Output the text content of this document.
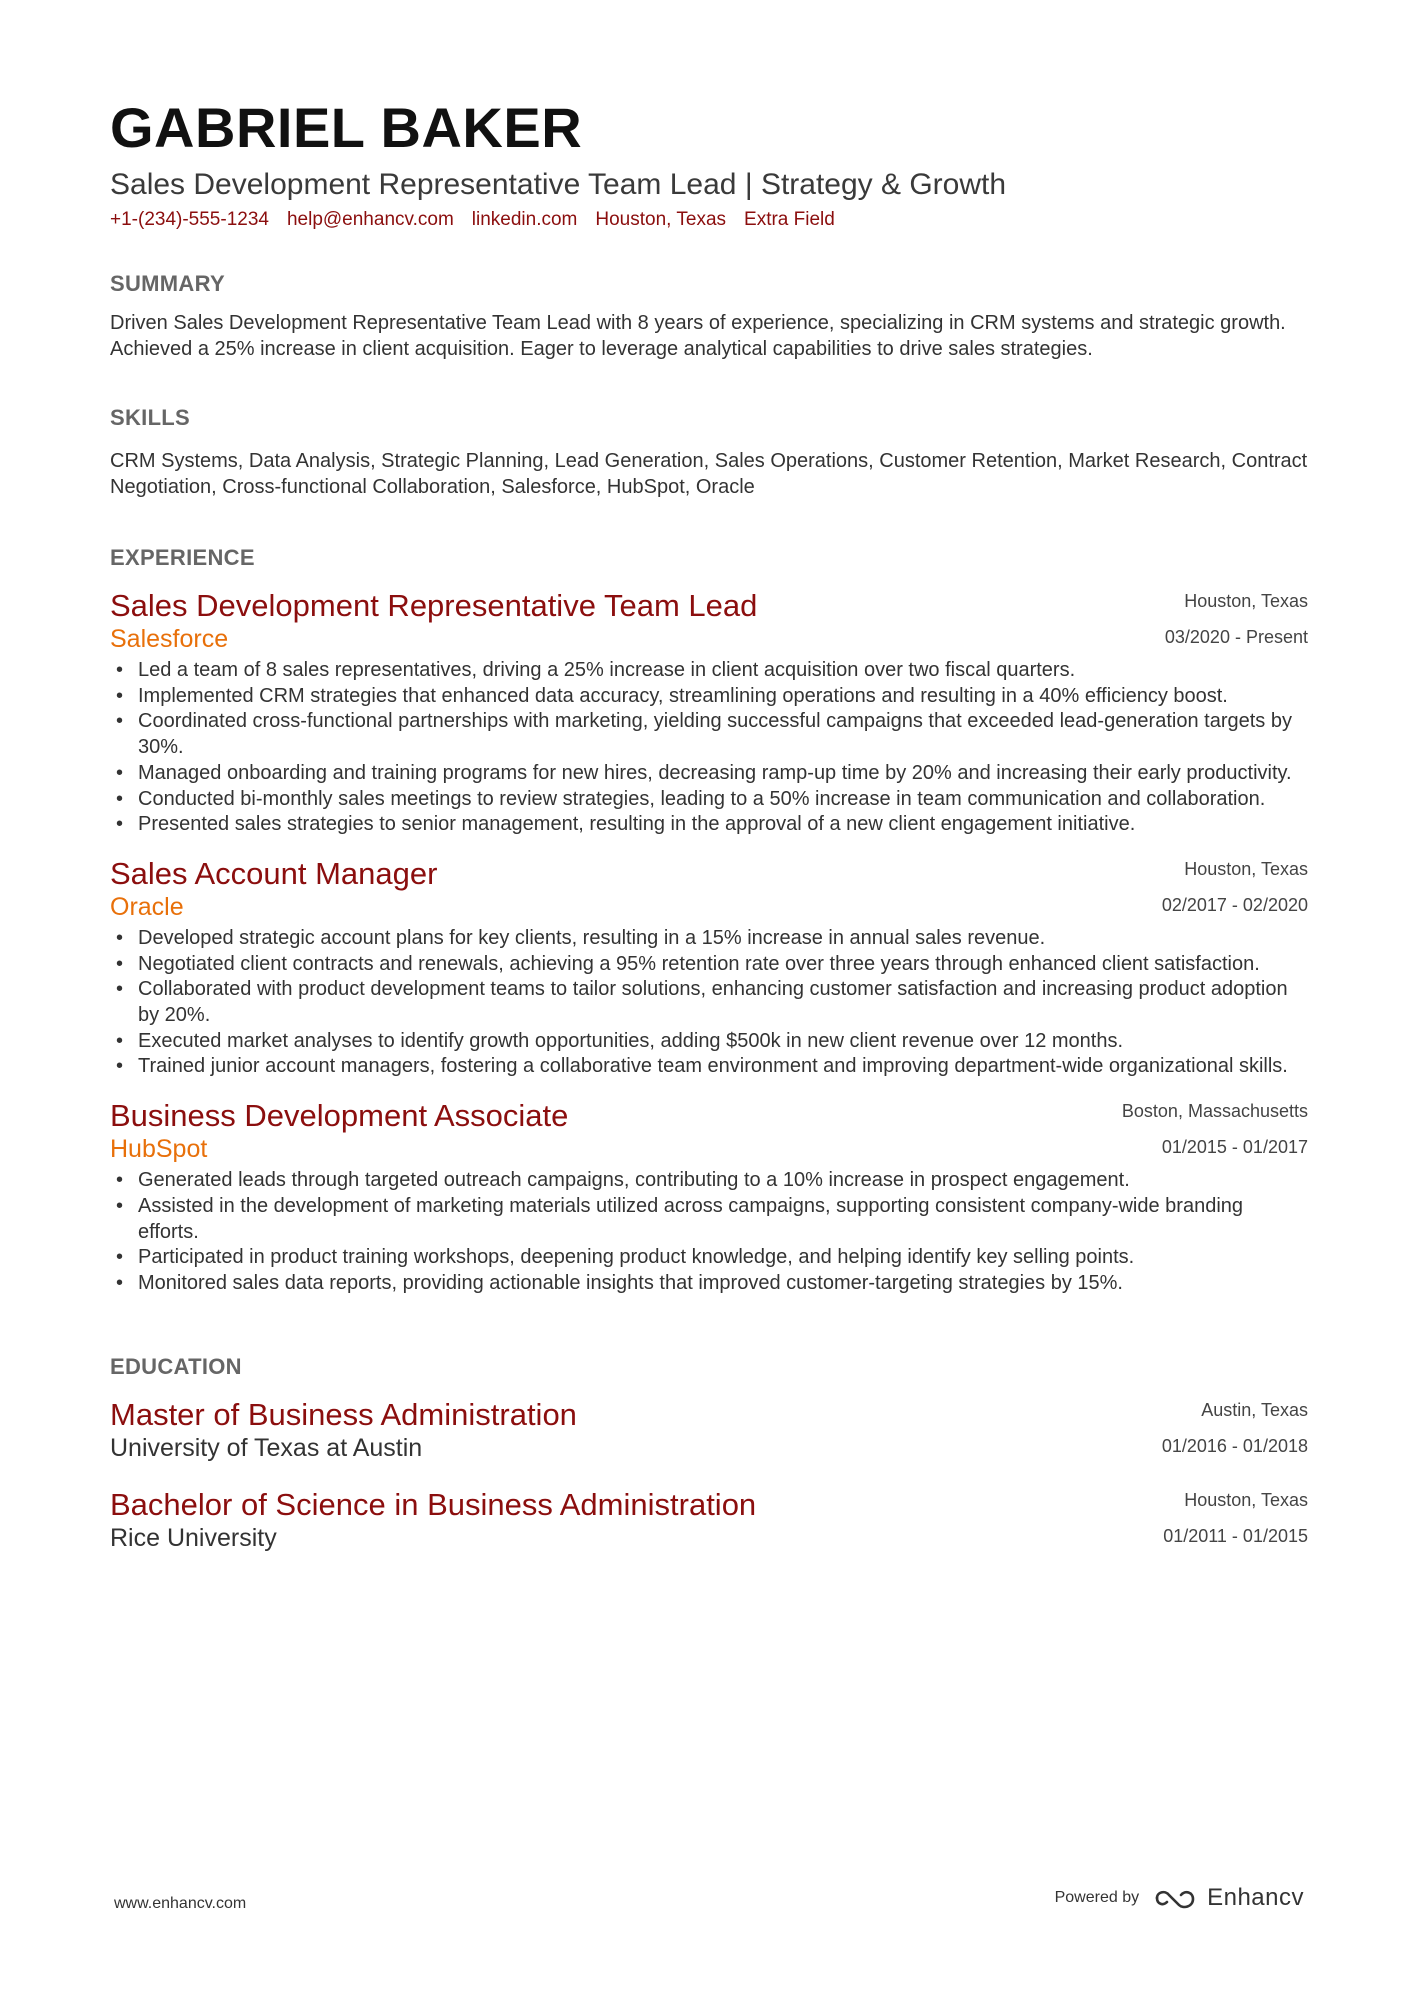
GABRIEL BAKER
Sales Development Representative Team Lead | Strategy & Growth
+1-(234)-555-1234 help@enhancv.com linkedin.com Houston, Texas Extra Field
SUMMARY
Driven Sales Development Representative Team Lead with 8 years of experience, specializing in CRM systems and strategic growth. Achieved a 25% increase in client acquisition. Eager to leverage analytical capabilities to drive sales strategies.
SKILLS
CRM Systems, Data Analysis, Strategic Planning, Lead Generation, Sales Operations, Customer Retention, Market Research, Contract Negotiation, Cross-functional Collaboration, Salesforce, HubSpot, Oracle
EXPERIENCE
Sales Development Representative Team Lead
Salesforce
Houston, Texas
03/2020 - Present
• Led a team of 8 sales representatives, driving a 25% increase in client acquisition over two fiscal quarters.
• Implemented CRM strategies that enhanced data accuracy, streamlining operations and resulting in a 40% efficiency boost.
• Coordinated cross-functional partnerships with marketing, yielding successful campaigns that exceeded lead-generation targets by 30%.
• Managed onboarding and training programs for new hires, decreasing ramp-up time by 20% and increasing their early productivity.
• Conducted bi-monthly sales meetings to review strategies, leading to a 50% increase in team communication and collaboration.
• Presented sales strategies to senior management, resulting in the approval of a new client engagement initiative.
Sales Account Manager
Oracle
Houston, Texas
02/2017 - 02/2020
• Developed strategic account plans for key clients, resulting in a 15% increase in annual sales revenue.
• Negotiated client contracts and renewals, achieving a 95% retention rate over three years through enhanced client satisfaction.
• Collaborated with product development teams to tailor solutions, enhancing customer satisfaction and increasing product adoption by 20%.
• Executed market analyses to identify growth opportunities, adding $500k in new client revenue over 12 months.
• Trained junior account managers, fostering a collaborative team environment and improving department-wide organizational skills.
Business Development Associate
HubSpot
Boston, Massachusetts
01/2015 - 01/2017
• Generated leads through targeted outreach campaigns, contributing to a 10% increase in prospect engagement.
• Assisted in the development of marketing materials utilized across campaigns, supporting consistent company-wide branding efforts.
• Participated in product training workshops, deepening product knowledge, and helping identify key selling points.
• Monitored sales data reports, providing actionable insights that improved customer-targeting strategies by 15%.
EDUCATION
Master of Business Administration
University of Texas at Austin
Austin, Texas
01/2016 - 01/2018
Bachelor of Science in Business Administration
Rice University
Houston, Texas
01/2011 - 01/2015
www.enhancv.com	Powered by	Enhancv
